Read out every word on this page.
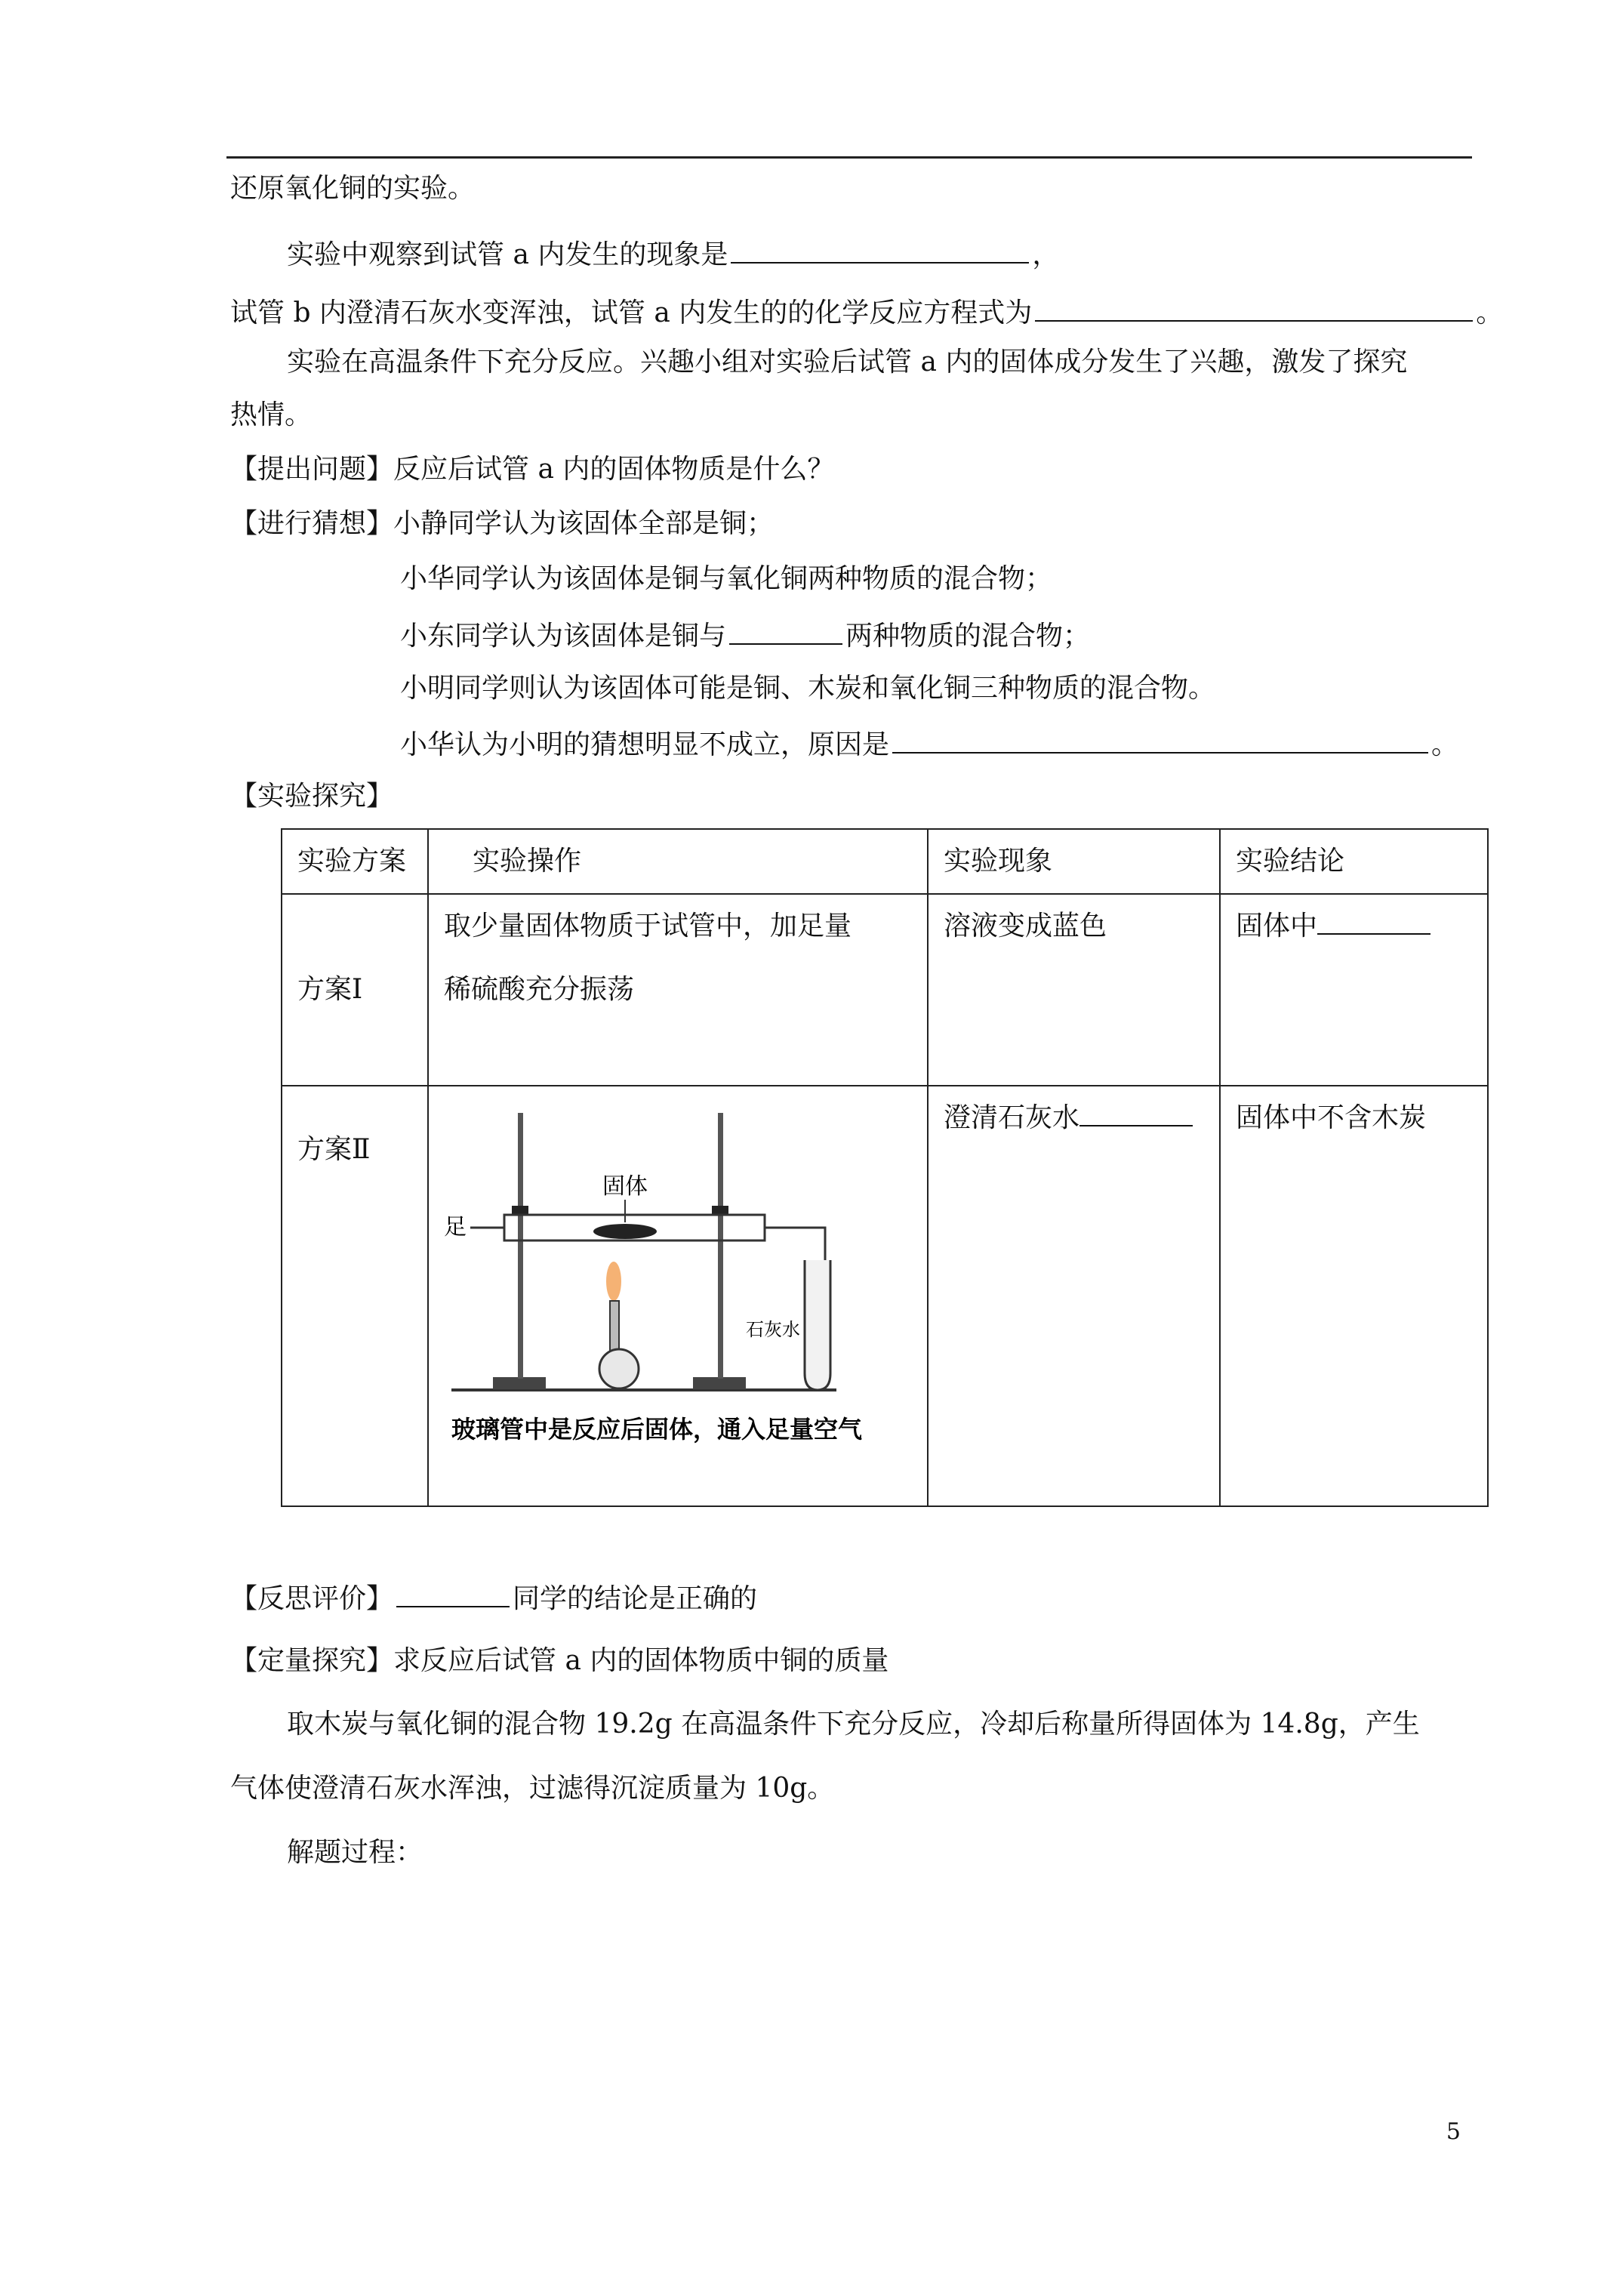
还原氧化铜的实验。
实验中观察到试管 a 内发生的现象是	，
试管 b 内澄清石灰水变浑浊，试管 a 内发生的的化学反应方程式为	。
实验在高温条件下充分反应。兴趣小组对实验后试管 a 内的固体成分发生了兴趣，激发了探究
热情。
【提出问题】反应后试管 a 内的固体物质是什么？
【进行猜想】小静同学认为该固体全部是铜；
小华同学认为该固体是铜与氧化铜两种物质的混合物；
小东同学认为该固体是铜与	两种物质的混合物；
小明同学则认为该固体可能是铜、木炭和氧化铜三种物质的混合物。
小华认为小明的猜想明显不成立，原因是	。
【实验探究】
实验方案	实验操作	实验现象	实验结论
方案Ⅰ	取少量固体物质于试管中，加足量
稀硫酸充分振荡	溶液变成蓝色	固体中

方案Ⅱ	足
固体
石灰水
玻璃管中是反应后固体，通入足量空气	澄清石灰水	固体中不含木炭
【反思评价】	同学的结论是正确的
【定量探究】求反应后试管 a 内的固体物质中铜的质量
取木炭与氧化铜的混合物 19.2g 在高温条件下充分反应，冷却后称量所得固体为 14.8g，产生
气体使澄清石灰水浑浊，过滤得沉淀质量为 10g。
解题过程：
5
